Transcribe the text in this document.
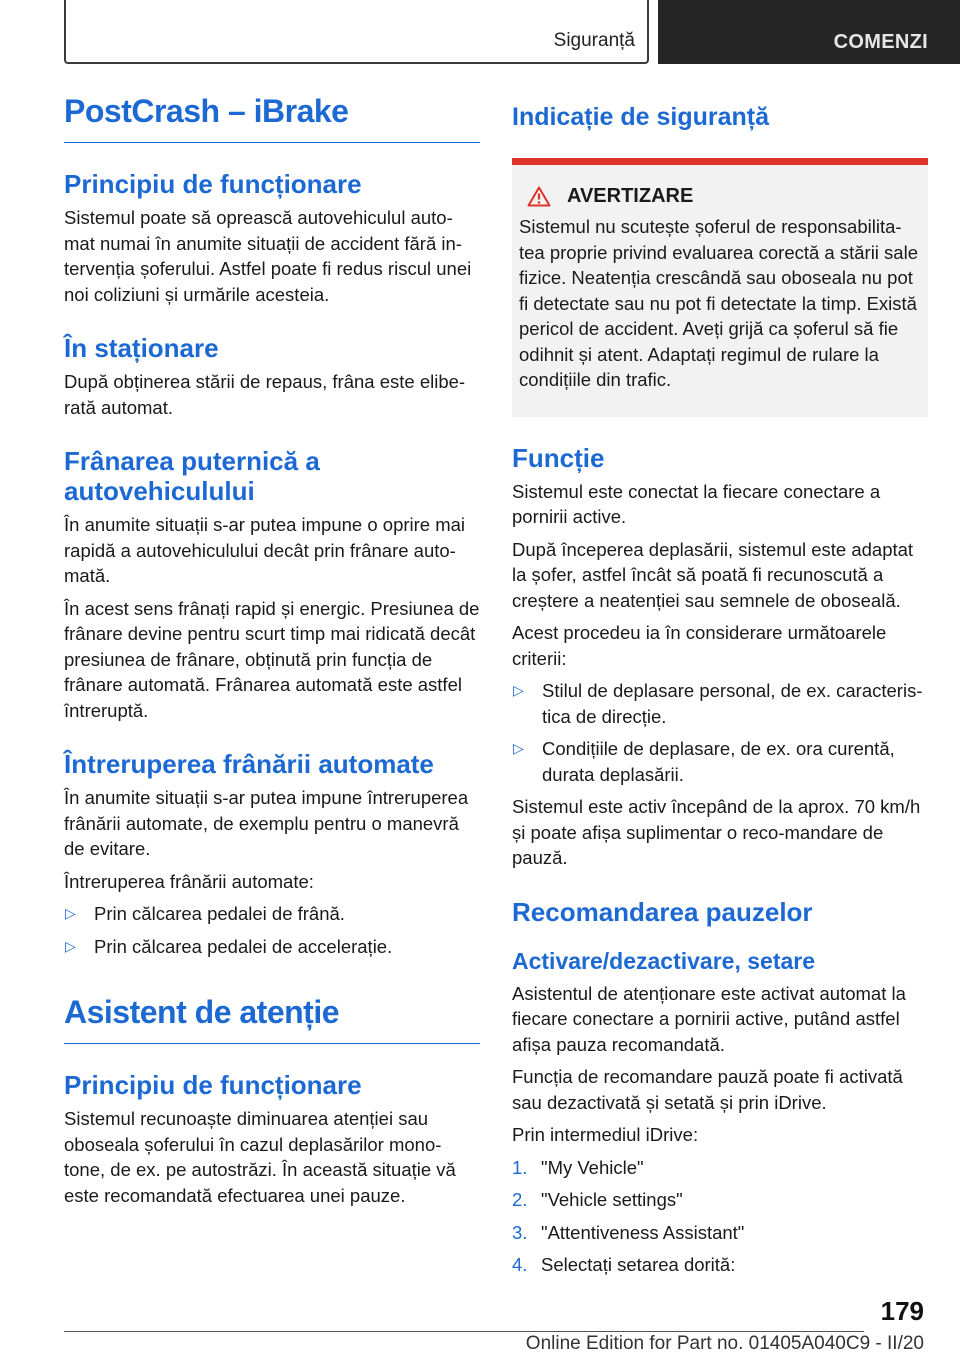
Siguranță	COMENZI
PostCrash – iBrake
Principiu de funcționare

Sistemul poate să oprească autovehiculul auto-mat numai în anumite situații de accident fără in-tervenția șoferului. Astfel poate fi redus riscul unei noi coliziuni și urmările acesteia.

În staționare

După obținerea stării de repaus, frâna este elibe-rată automat.

Frânarea puternică a autovehiculului

În anumite situații s-ar putea impune o oprire mai rapidă a autovehiculului decât prin frânare auto-mată.

În acest sens frânați rapid și energic. Presiunea de frânare devine pentru scurt timp mai ridicată decât presiunea de frânare, obținută prin funcția de frânare automată. Frânarea automată este astfel întreruptă.

Întreruperea frânării automate

În anumite situații s-ar putea impune întreruperea frânării automate, de exemplu pentru o manevră de evitare.

Întreruperea frânării automate:

▷ Prin călcarea pedalei de frână.
▷ Prin călcarea pedalei de accelerație.
Asistent de atenție
Principiu de funcționare

Sistemul recunoaște diminuarea atenției sau oboseala șoferului în cazul deplasărilor mono-tone, de ex. pe autostrăzi. În această situație vă este recomandată efectuarea unei pauze.

Indicație de siguranță
AVERTIZARE

Sistemul nu scutește șoferul de responsabilita-tea proprie privind evaluarea corectă a stării sale fizice. Neatenția crescândă sau oboseala nu pot fi detectate sau nu pot fi detectate la timp. Există pericol de accident. Aveți grijă ca șoferul să fie odihnit și atent. Adaptați regimul de rulare la condițiile din trafic.

Funcție

Sistemul este conectat la fiecare conectare a pornirii active.

După începerea deplasării, sistemul este adaptat la șofer, astfel încât să poată fi recunoscută a creștere a neatenției sau semnele de oboseală.

Acest procedeu ia în considerare următoarele criterii:

▷ Stilul de deplasare personal, de ex. caracteris-tica de direcție.
▷ Condițiile de deplasare, de ex. ora curentă, durata deplasării.

Sistemul este activ începând de la aprox. 70 km/h și poate afișa suplimentar o reco-mandare de pauză.

Recomandarea pauzelor
Activare/dezactivare, setare

Asistentul de atenționare este activat automat la fiecare conectare a pornirii active, putând astfel afișa pauza recomandată.

Funcția de recomandare pauză poate fi activată sau dezactivată și setată și prin iDrive.

Prin intermediul iDrive:

1. "My Vehicle"
2. "Vehicle settings"
3. "Attentiveness Assistant"
4. Selectați setarea dorită:
179
Online Edition for Part no. 01405A040C9 - II/20
